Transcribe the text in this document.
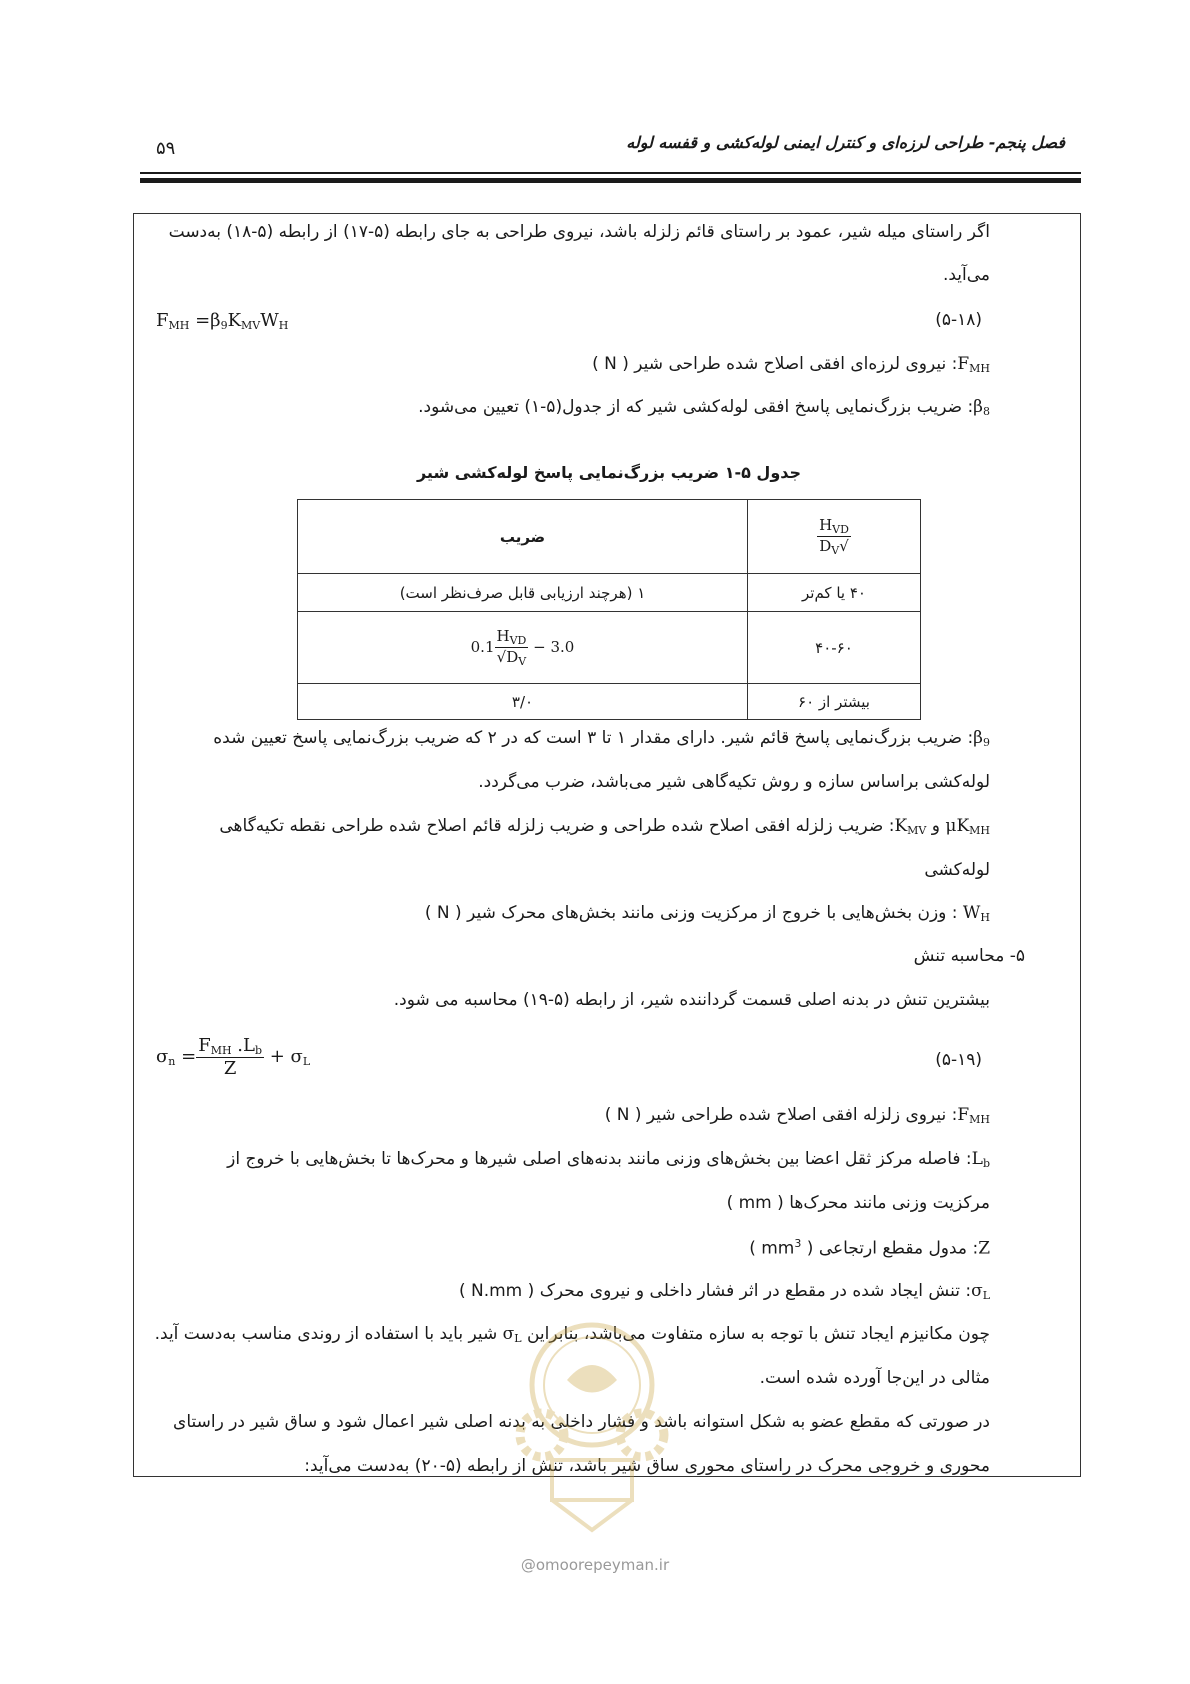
۵۹	فصل پنجم- طراحی لرزه‌ای و کنترل ایمنی لوله‌کشی و قفسه لوله
اگر راستای میله شیر، عمود بر راستای قائم زلزله باشد، نیروی طراحی به جای رابطه (۵-۱۷) از رابطه (۵-۱۸) به‌دست
می‌آید.
$F_{MH} =\beta_9K_{MV}W_H$	(۵-۱۸)
$F_{MH}$: نیروی لرزه‌ای افقی اصلاح شده طراحی شیر ( N )
$\beta_8$: ضریب بزرگ‌نمایی پاسخ افقی لوله‌کشی شیر که از جدول(۵-۱) تعیین می‌شود.
جدول ۵-۱ ضریب بزرگ‌نمایی پاسخ لوله‌کشی شیر
$\frac{H_{VD}}{√D_V}$	ضریب
۴۰ یا کم‌تر	۱ (هرچند ارزیابی قابل صرف‌نظر است)
۴۰-۶۰	$0.1 \frac{H_{VD}}{√D_V} - 3.0$
بیشتر از ۶۰	۳/۰
$\beta_9$: ضریب بزرگ‌نمایی پاسخ قائم شیر. دارای مقدار ۱ تا ۳ است که در ۲ که ضریب بزرگ‌نمایی پاسخ تعیین شده
لوله‌کشی براساس سازه و روش تکیه‌گاهی شیر می‌باشد، ضرب می‌گردد.
$\mu K_{MH}$ و $K_{MV}$: ضریب زلزله افقی اصلاح شده طراحی و ضریب زلزله قائم اصلاح شده طراحی نقطه تکیه‌گاهی
لوله‌کشی
$W_H$ : وزن بخش‌هایی با خروج از مرکزیت وزنی مانند بخش‌های محرک شیر ( N )
۵- محاسبه تنش
بیشترین تنش در بدنه اصلی قسمت گرداننده شیر، از رابطه (۵-۱۹) محاسبه می شود.
$\sigma_n = \frac{F_{MH} .L_b}{Z} + \sigma_L$	(۵-۱۹)
$F_{MH}$: نیروی زلزله افقی اصلاح شده طراحی شیر ( N )
$L_b$: فاصله مرکز ثقل اعضا بین بخش‌های وزنی مانند بدنه‌های اصلی شیرها و محرک‌ها تا بخش‌هایی با خروج از
مرکزیت وزنی مانند محرک‌ها ( mm )
Z: مدول مقطع ارتجاعی ( $mm^3$ )
$\sigma_L$: تنش ایجاد شده در مقطع در اثر فشار داخلی و نیروی محرک ( N.mm )
چون مکانیزم ایجاد تنش با توجه به سازه متفاوت می‌باشد، بنابراین $\sigma_L$ شیر باید با استفاده از روندی مناسب به‌دست آید.
مثالی در این‌جا آورده شده است.
در صورتی که مقطع عضو به شکل استوانه باشد و فشار داخلی به بدنه اصلی شیر اعمال شود و ساق شیر در راستای
محوری و خروجی محرک در راستای محوری ساق شیر باشد، تنش از رابطه (۵-۲۰) به‌دست می‌آید:
@omoorepeyman.ir
